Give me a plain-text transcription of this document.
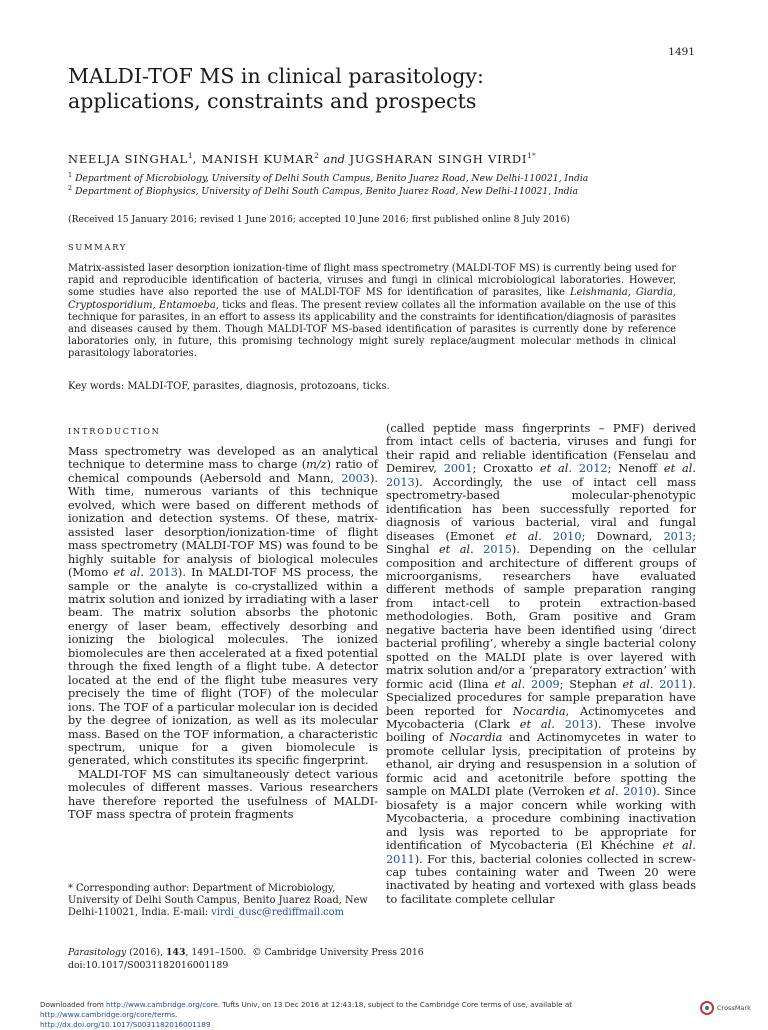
1491
MALDI-TOF MS in clinical parasitology:
applications, constraints and prospects
NEELJA SINGHAL$^1$, MANISH KUMAR$^2$ and JUGSHARAN SINGH $VIRDI^{1*}$
$^1$ Department of Microbiology, University of Delhi South Campus, Benito Juarez Road, New Delhi-110021, India
$^2$ Department of Biophysics, University of Delhi South Campus, Benito Juarez Road, New Delhi-110021, India
(Received 15 January 2016; revised 1 June 2016; accepted 10 June 2016; first published online 8 July 2016)
SUMMARY

Matrix-assisted laser desorption ionization-time of flight mass spectrometry (MALDI-TOF MS) is currently being used for rapid and reproducible identification of bacteria, viruses and fungi in clinical microbiological laboratories. However, some studies have also reported the use of MALDI-TOF MS for identification of parasites, like Leishmania, Giardia, Cryptosporidium, Entamoeba, ticks and fleas. The present review collates all the information available on the use of this technique for parasites, in an effort to assess its applicability and the constraints for identification/diagnosis of parasites and diseases caused by them. Though MALDI-TOF MS-based identification of parasites is currently done by reference laboratories only, in future, this promising technology might surely replace/augment molecular methods in clinical parasitology laboratories.

Key words: MALDI-TOF, parasites, diagnosis, protozoans, ticks.
INTRODUCTION

Mass spectrometry was developed as an analytical technique to determine mass to charge (m/z) ratio of chemical compounds (Aebersold and Mann, 2003). With time, numerous variants of this technique evolved, which were based on different methods of ionization and detection systems. Of these, matrix-assisted laser desorption/ionization-time of flight mass spectrometry (MALDI-TOF MS) was found to be highly suitable for analysis of biological molecules (Momo et al. 2013). In MALDI-TOF MS process, the sample or the analyte is co-crystallized within a matrix solution and ionized by irradiating with a laser beam. The matrix solution absorbs the photonic energy of laser beam, effectively desorbing and ionizing the biological molecules. The ionized biomolecules are then accelerated at a fixed potential through the fixed length of a flight tube. A detector located at the end of the flight tube measures very precisely the time of flight (TOF) of the molecular ions. The TOF of a particular molecular ion is decided by the degree of ionization, as well as its molecular mass. Based on the TOF information, a characteristic spectrum, unique for a given biomolecule is generated, which constitutes its specific fingerprint.

MALDI-TOF MS can simultaneously detect various molecules of different masses. Various researchers have therefore reported the usefulness of MALDI-TOF mass spectra of protein fragments

* Corresponding author: Department of Microbiology, University of Delhi South Campus, Benito Juarez Road, New Delhi-110021, India. E-mail: virdi_dusc@rediffmail.com

(called peptide mass fingerprints – PMF) derived from intact cells of bacteria, viruses and fungi for their rapid and reliable identification (Fenselau and Demirev, 2001; Croxatto et al. 2012; Nenoff et al. 2013). Accordingly, the use of intact cell mass spectrometry-based molecular-phenotypic identification has been successfully reported for diagnosis of various bacterial, viral and fungal diseases (Emonet et al. 2010; Downard, 2013; Singhal et al. 2015). Depending on the cellular composition and architecture of different groups of microorganisms, researchers have evaluated different methods of sample preparation ranging from intact-cell to protein extraction-based methodologies. Both, Gram positive and Gram negative bacteria have been identified using ‘direct bacterial profiling’, whereby a single bacterial colony spotted on the MALDI plate is over layered with matrix solution and/or a ‘preparatory extraction’ with formic acid (Ilina et al. 2009; Stephan et al. 2011). Specialized procedures for sample preparation have been reported for Nocardia, Actinomycetes and Mycobacteria (Clark et al. 2013). These involve boiling of Nocardia and Actinomycetes in water to promote cellular lysis, precipitation of proteins by ethanol, air drying and resuspension in a solution of formic acid and acetonitrile before spotting the sample on MALDI plate (Verroken et al. 2010). Since biosafety is a major concern while working with Mycobacteria, a procedure combining inactivation and lysis was reported to be appropriate for identification of Mycobacteria (El Khéchine et al. 2011). For this, bacterial colonies collected in screw-cap tubes containing water and Tween 20 were inactivated by heating and vortexed with glass beads to facilitate complete cellular

Parasitology (2016), 143, 1491–1500. © Cambridge University Press 2016
doi:10.1017/S0031182016001189
Downloaded from http://www.cambridge.org/core. Tufts Univ, on 13 Dec 2016 at 12:43:18, subject to the Cambridge Core terms of use, available at http://www.cambridge.org/core/terms.
http://dx.doi.org/10.1017/S0031182016001189
CrossMark
